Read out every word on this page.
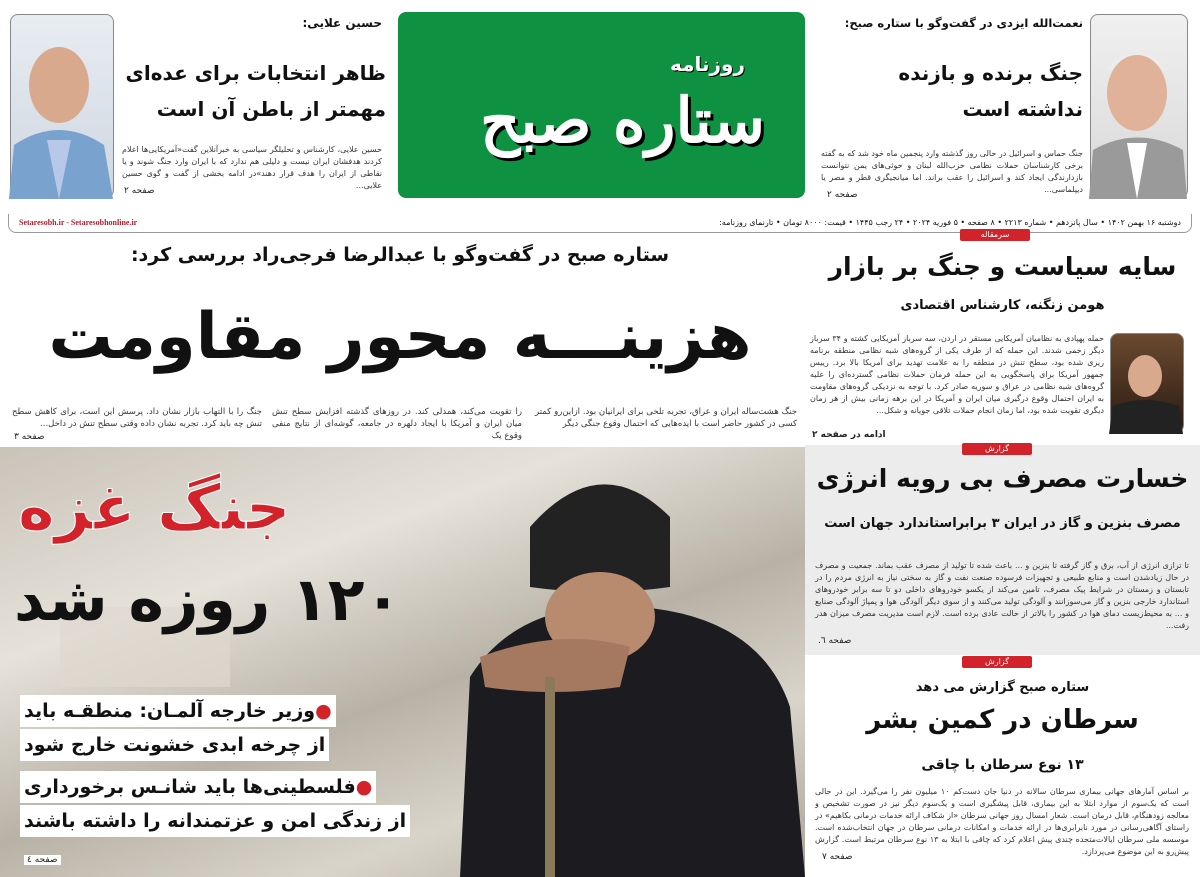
حسین علایی:
ظاهر انتخابات برای عده‌ای
مهمتر از باطن آن است
حسین علایی، کارشناس و تحلیلگر سیاسی به خبرآنلاین گفت«آمریکایی‌ها اعلام کردند هدفشان ایران نیست و دلیلی هم ندارد که با ایران وارد جنگ شوند و یا نقاطی از ایران را هدف قرار دهند»در ادامه بخشی از گفت و گوی حسین علایی...
صفحه ۲
روزنامه
ستاره صبح
نعمت‌الله ایزدی در گفت‌وگو با ستاره صبح:
جنگ برنده و بازنده
نداشته است
جنگ حماس و اسرائیل در حالی روز گذشته وارد پنجمین ماه خود شد که به گفته برخی کارشناسان حملات نظامی حزب‌الله لبنان و حوثی‌های یمن نتوانست بازدارندگی ایجاد کند و اسرائیل را عقب براند. اما میانجیگری قطر و مصر یا دیپلماسی...
صفحه ۲
دوشنبه ۱۶ بهمن ۱۴۰۲ • سال پانزدهم • شماره ۲۲۱۳ • ۸ صفحه • ۵ فوریه ۲۰۲۴ • ۲۴ رجب ۱۴۴۵ • قیمت: ۸۰۰۰ تومان • تارنمای روزنامه:
Setaresobh.ir - Setaresobhonline.ir
ستاره صبح در گفت‌وگو با عبدالرضا فرجی‌راد بررسی کرد:
هزینـــه محور مقاومت
جنگ هشت‌ساله ایران و عراق، تجربه تلخی برای ایرانیان بود. ازاین‌رو کمتر کسی در کشور حاضر است با ایده‌هایی که احتمال وقوع جنگی دیگر
را تقویت می‌کند، همدلی کند. در روزهای گذشته افزایش سطح تنش میان ایران و آمریکا با ایجاد دلهره در جامعه، گوشه‌ای از نتایج منفی وقوع یک
جنگ را با التهاب بازار نشان داد. پرسش این است، برای کاهش سطح تنش چه باید کرد. تجربه نشان داده وقتی سطح تنش در داخل...
صفحه ۳
جنگ غزه
۱۲۰ روزه شد
●وزیر خارجه آلمـان: منطقـه باید
از چرخه ابدی خشونت خارج شود
●فلسطینی‌ها باید شانـس برخورداری
از زندگی امن و عزتمندانه را داشته باشند
صفحه ٤
سرمقاله
سایه سیاست و جنگ بر بازار
هومن زنگنه، کارشناس اقتصادی
حمله پهپادی به نظامیان آمریکایی مستقر در اردن، سه سرباز آمریکایی کشته و ۳۴ سرباز دیگر زخمی شدند. این حمله که از طرف یکی از گروه‌های شبه نظامی منطقه برنامه ریزی شده بود، سطح تنش در منطقه را به علامت تهدید برای آمریکا بالا برد. رییس جمهور آمریکا برای پاسخگویی به این حمله فرمان حملات نظامی گسترده‌ای را علیه گروه‌های شبه نظامی در عراق و سوریه صادر کرد. با توجه به نزدیکی گروه‌های مقاومت به ایران احتمال وقوع درگیری میان ایران و آمریکا در این برهه زمانی بیش از هر زمان دیگری تقویت شده بود، اما زمان انجام حملات تلاقی جویانه و شکل...
ادامه در صفحه ۲
گزارش
خسارت مصرف بی رویه انرژی
مصرف بنزین و گاز در ایران ۳ برابراستاندارد جهان است
تا ترازی انرژی از آب، برق و گاز گرفته تا بنزین و ... باعث شده تا تولید از مصرف عقب بماند. جمعیت و مصرف در حال زیادشدن است و منابع طبیعی و تجهیزات فرسوده صنعت نفت و گاز به سختی نیاز به انرژی مردم را در تابستان و زمستان در شرایط پیک مصرف، تامین می‌کند از یکسو خودروهای داخلی دو تا سه برابر خودروهای استاندارد خارجی بنزین و گاز می‌سوزانند و آلودگی تولید می‌کنند و از سوی دیگر آلودگی هوا و پمپاژ آلودگی صنایع و ... به محیط‌زیست دمای هوا در کشور را بالاتر از حالت عادی برده است. لازم است مدیریت مصرف میزان هدر رفت...
صفحه ٦.
گزارش
ستاره صبح گزارش می دهد
سرطان در کمین بشر
۱۳ نوع سرطان با چاقی
بر اساس آمارهای جهانی بیماری سرطان سالانه در دنیا جان دست‌کم ۱۰ میلیون نفر را می‌گیرد. این در حالی است که یک‌سوم از موارد ابتلا به این بیماری، قابل پیشگیری است و یک‌سوم دیگر نیز در صورت تشخیص و معالجه زودهنگام، قابل درمان است. شعار امسال روز جهانی سرطان «از شکاف ارائه خدمات درمانی بکاهیم» در راستای آگاهی‌رسانی در مورد نابرابری‌ها در ارائه خدمات و امکانات درمانی سرطان در جهان انتخاب‌شده است. موسسه ملی سرطان ایالات‌متحده چندی پیش اعلام کرد که چاقی با ابتلا به ۱۳ نوع سرطان مرتبط است. گزارش پیش‌رو به این موضوع می‌پردازد.
صفحه ۷
